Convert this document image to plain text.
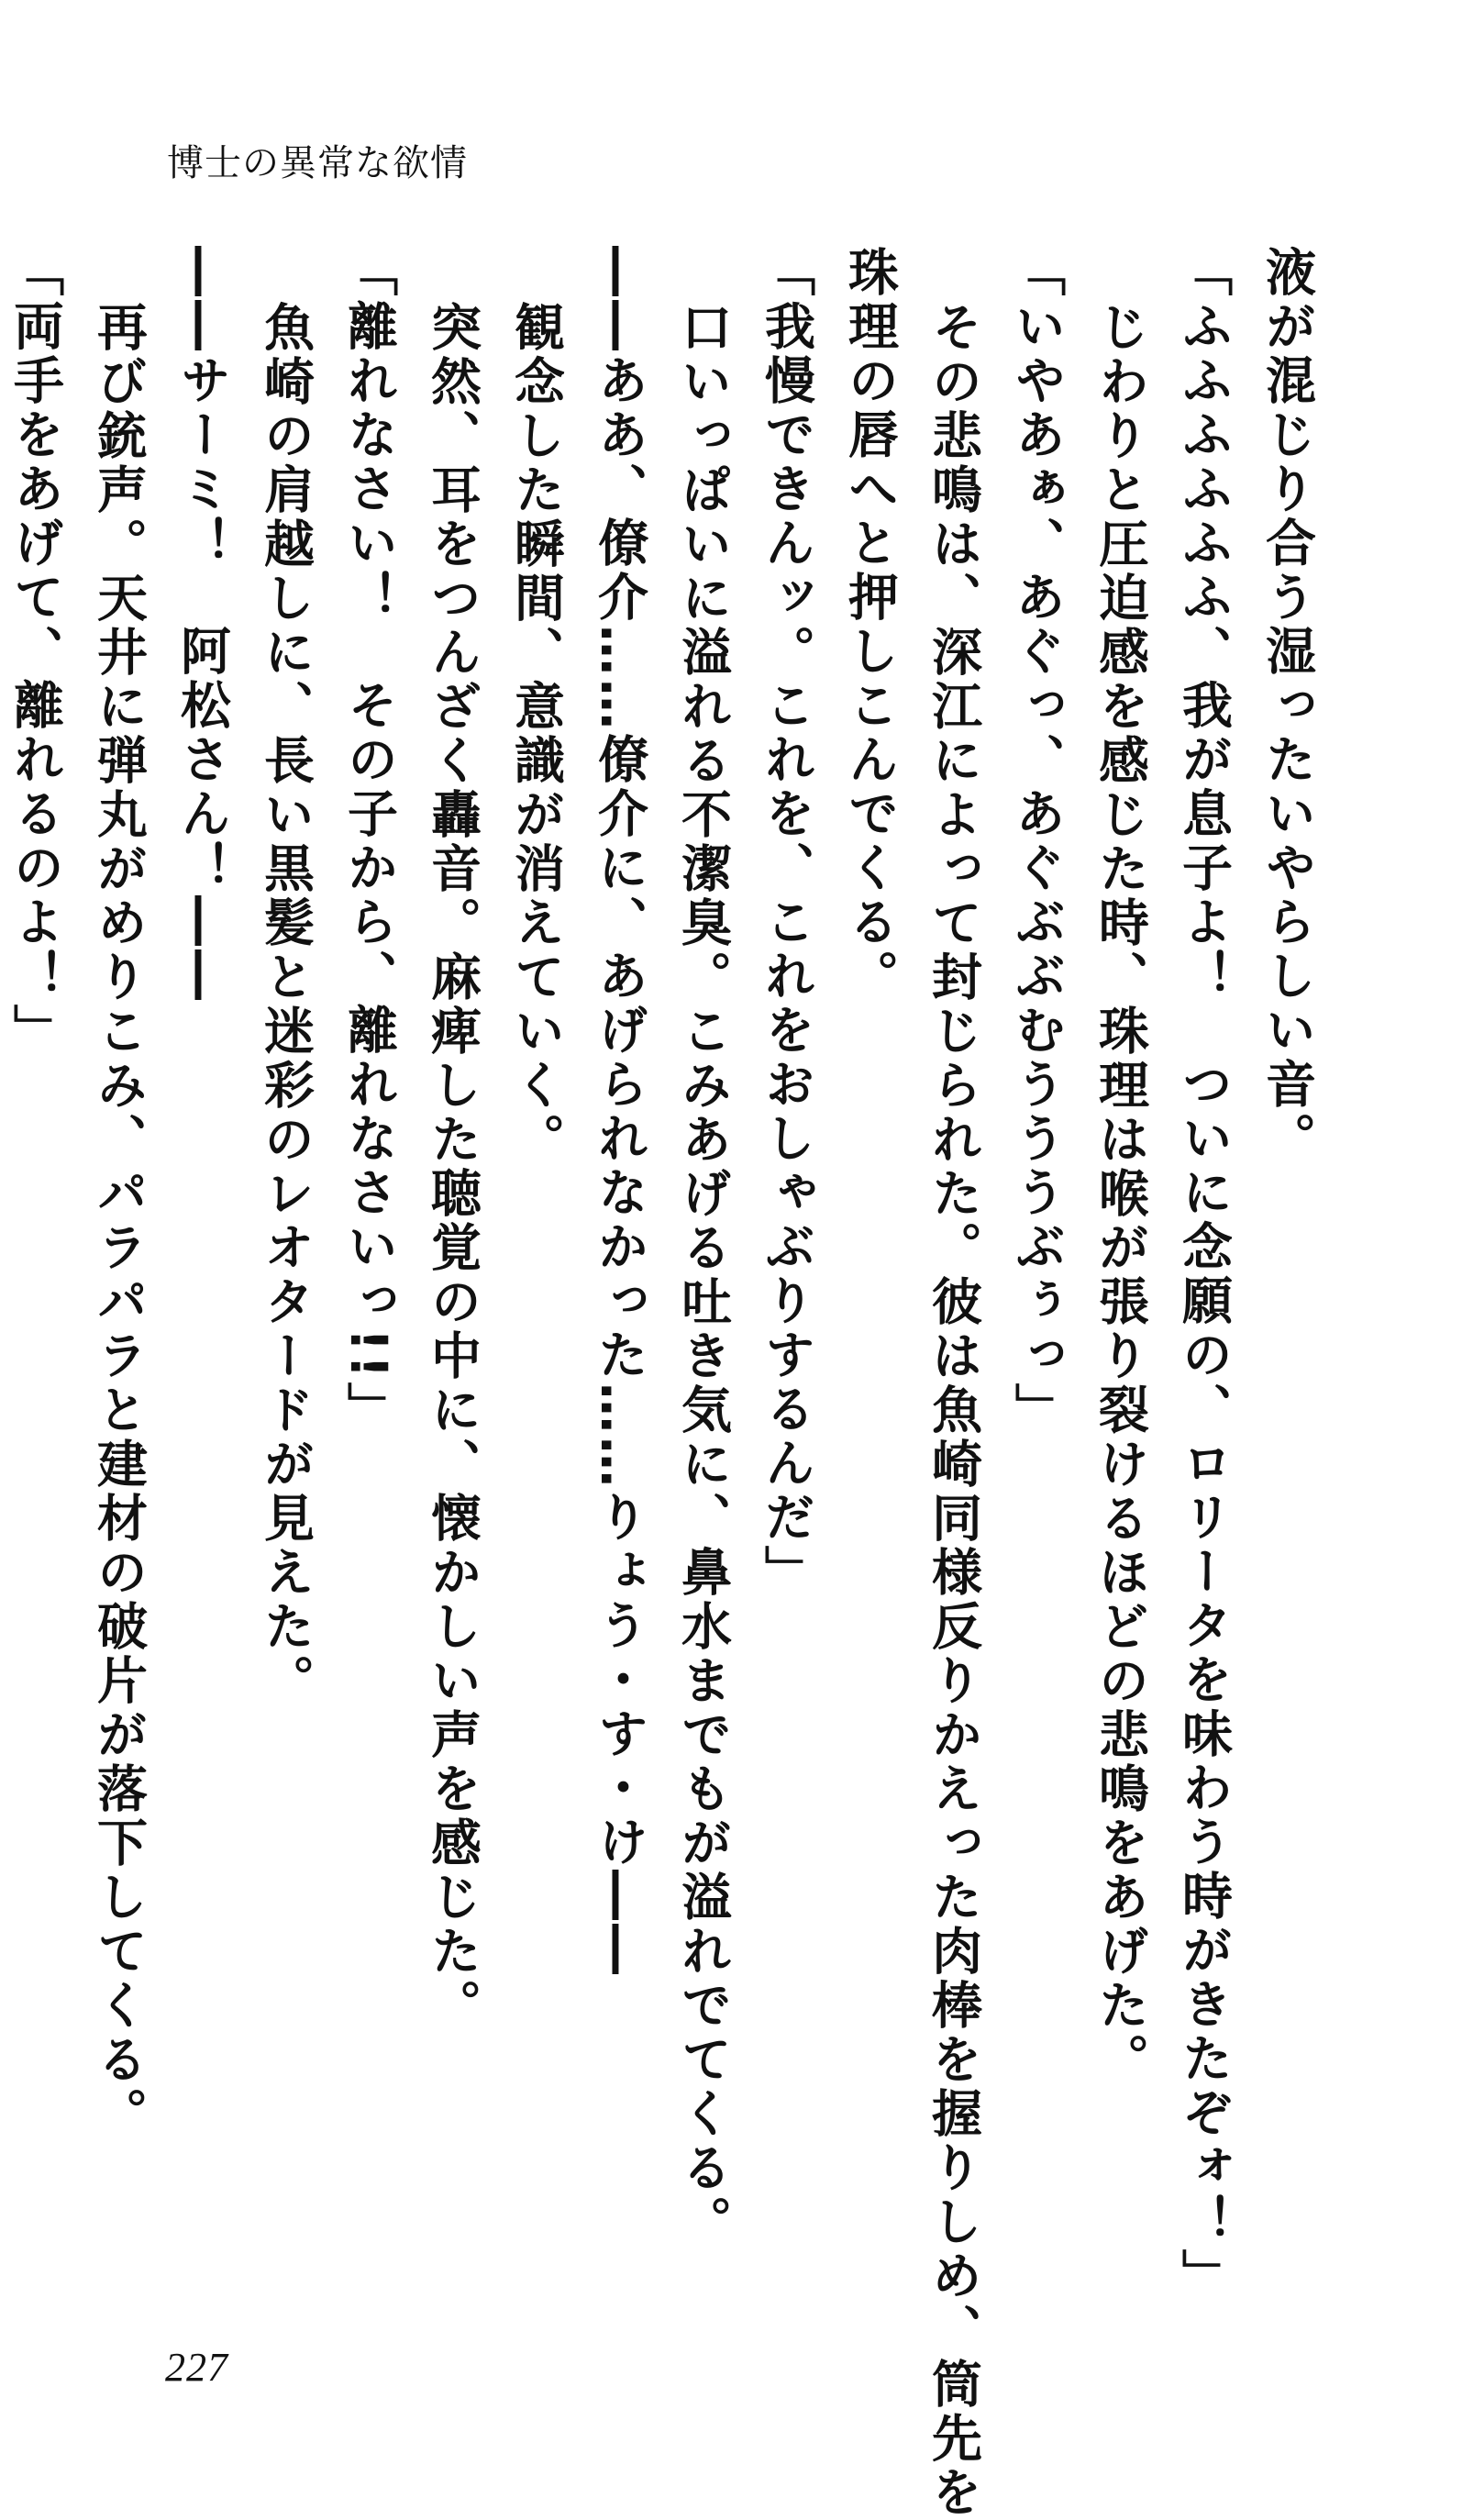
博士の異常な欲情

液が混じり合う湿ったいやらしい音。

「ふふふふふふ、我が息子よ！　ついに念願の、ロリータを味わう時がきたぞォ！」

じわりと圧迫感を感じた時、珠理は喉が張り裂けるほどの悲鳴をあげた。

「いやあぁ、あぐっ、あぐぶぶむうううぶぅっ」

その悲鳴は、深江によって封じられた。彼は魚崎同様反りかえった肉棒を握りしめ、筒先を

珠理の唇へと押しこんでくる。

「我慢できんッ。これを、これをおしゃぶりするんだ」

口いっぱいに溢れる不潔臭。こみあげる吐き気に、鼻水までもが溢れでてくる。

――ああ、僚介……僚介に、あげられなかった……りょう・す・け――

観念した瞬間、意識が消えていく。

突然、耳をつんざく轟音。麻痺した聴覚の中に、懐かしい声を感じた。

「離れなさい！　その子から、離れなさいっ!!」

魚崎の肩越しに、長い黒髪と迷彩のレオタードが見えた。

――サーミ！　阿松さん！――

再び銃声。天井に弾丸がめりこみ、パラパラと建材の破片が落下してくる。

「両手をあげて、離れるのよ！」

227
